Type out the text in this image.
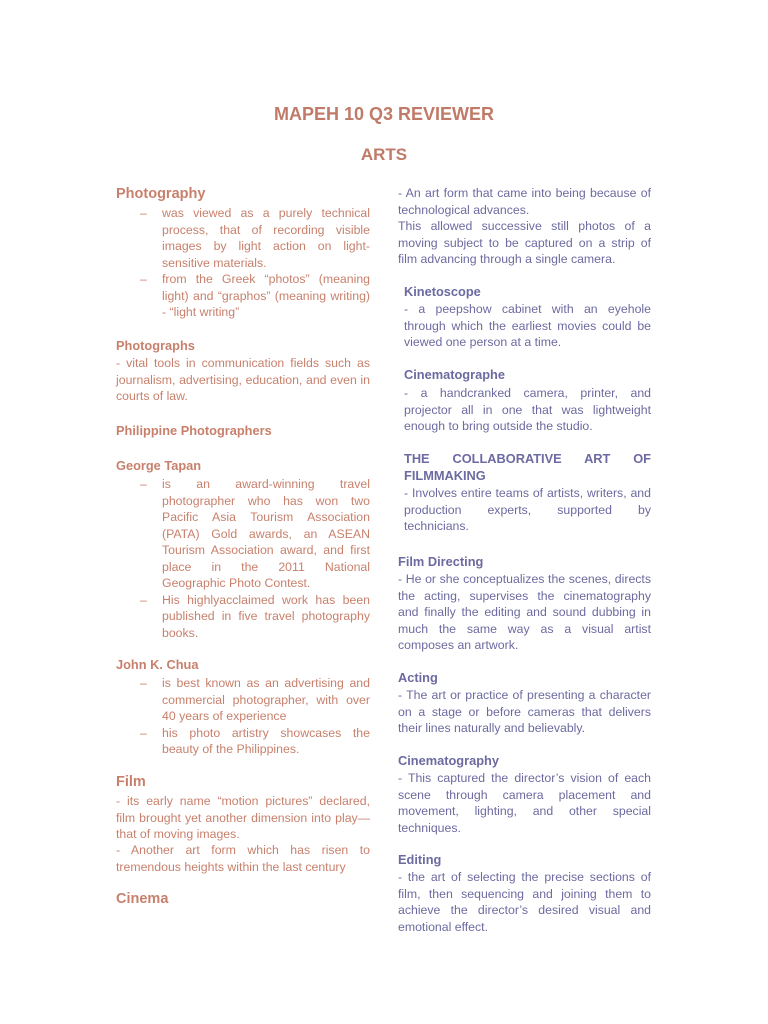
MAPEH 10 Q3 REVIEWER
ARTS
Photography
– was viewed as a purely technical process, that of recording visible images by light action on light-sensitive materials.
– from the Greek “photos” (meaning light) and “graphos” (meaning writing) - “light writing”
Photographs
- vital tools in communication fields such as journalism, advertising, education, and even in courts of law.
Philippine Photographers
George Tapan
– is an award-winning travel photographer who has won two Pacific Asia Tourism Association (PATA) Gold awards, an ASEAN Tourism Association award, and first place in the 2011 National Geographic Photo Contest.
– His highlyacclaimed work has been published in five travel photography books.
John K. Chua
– is best known as an advertising and commercial photographer, with over 40 years of experience
– his photo artistry showcases the beauty of the Philippines.
Film
- its early name “motion pictures” declared, film brought yet another dimension into play—that of moving images.
- Another art form which has risen to tremendous heights within the last century
Cinema
- An art form that came into being because of technological advances.
This allowed successive still photos of a moving subject to be captured on a strip of film advancing through a single camera.
Kinetoscope
- a peepshow cabinet with an eyehole through which the earliest movies could be viewed one person at a time.
Cinematographe
- a handcranked camera, printer, and projector all in one that was lightweight enough to bring outside the studio.
THE COLLABORATIVE ART OF FILMMAKING
- Involves entire teams of artists, writers, and production experts, supported by technicians.
Film Directing
- He or she conceptualizes the scenes, directs the acting, supervises the cinematography and finally the editing and sound dubbing in much the same way as a visual artist composes an artwork.
Acting
- The art or practice of presenting a character on a stage or before cameras that delivers their lines naturally and believably.
Cinematography
- This captured the director’s vision of each scene through camera placement and movement, lighting, and other special techniques.
Editing
- the art of selecting the precise sections of film, then sequencing and joining them to achieve the director’s desired visual and emotional effect.
